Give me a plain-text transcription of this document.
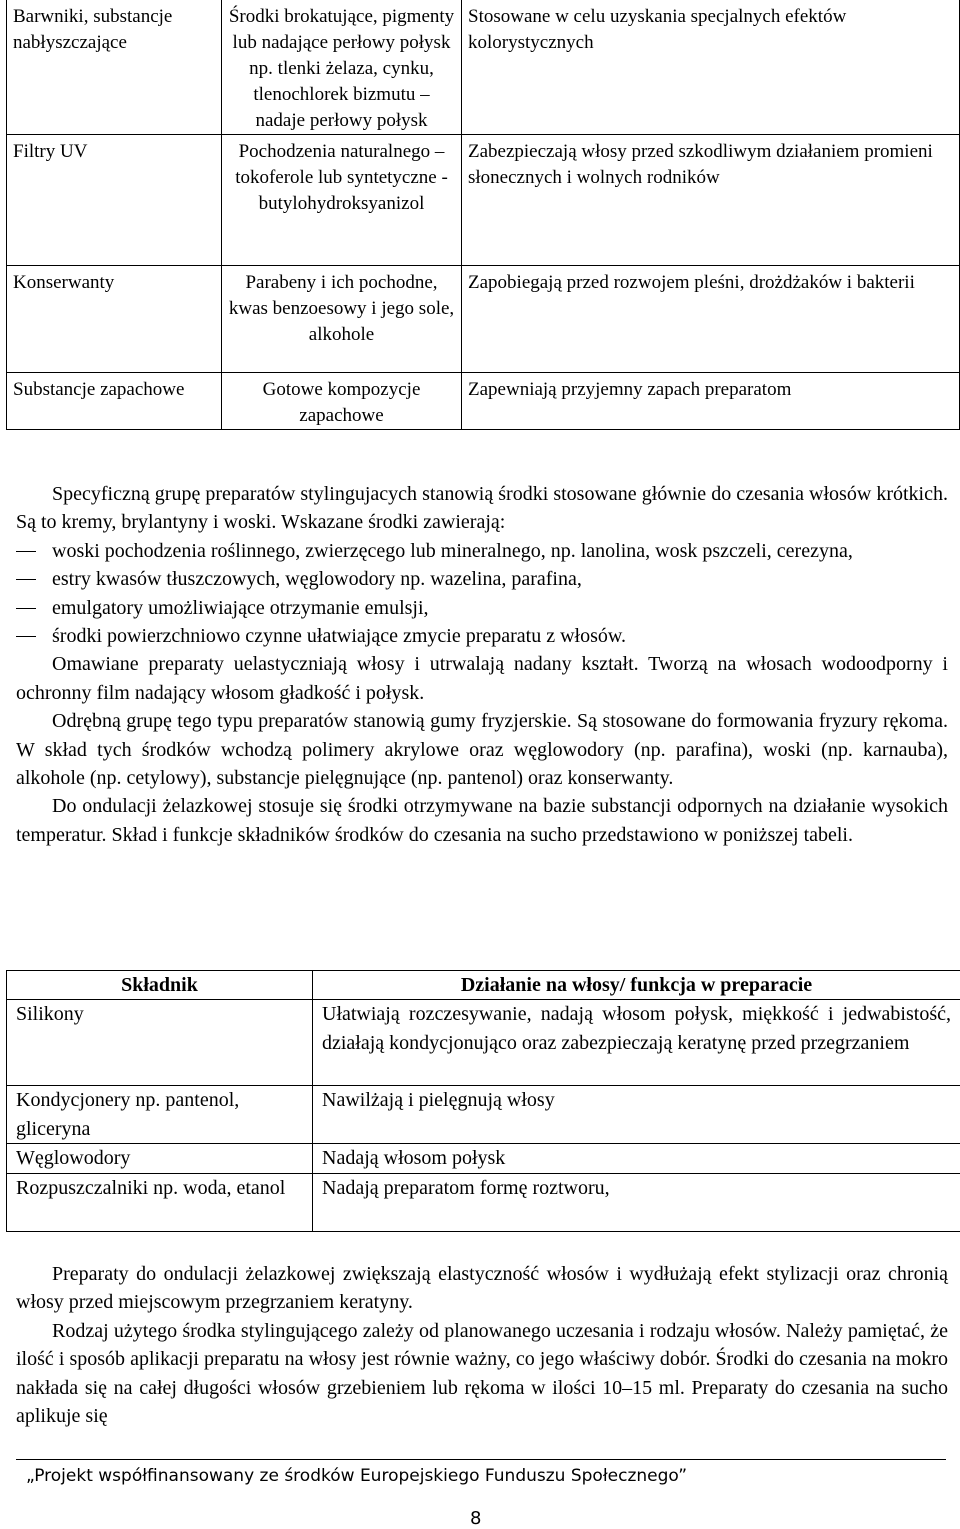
Barwniki, substancje nabłyszczające	Środki brokatujące, pigmenty lub nadające perłowy połysk np. tlenki żelaza, cynku, tlenochlorek bizmutu – nadaje perłowy połysk	Stosowane w celu uzyskania specjalnych efektów kolorystycznych
Filtry UV	Pochodzenia naturalnego – tokoferole lub syntetyczne - butylohydroksyanizol	Zabezpieczają włosy przed szkodliwym działaniem promieni słonecznych i wolnych rodników
Konserwanty	Parabeny i ich pochodne, kwas benzoesowy i jego sole, alkohole	Zapobiegają przed rozwojem pleśni, drożdżaków i bakterii
Substancje zapachowe	Gotowe kompozycje zapachowe	Zapewniają przyjemny zapach preparatom

Specyficzną grupę preparatów stylingujacych stanowią środki stosowane głównie do czesania włosów krótkich. Są to kremy, brylantyny i woski. Wskazane środki zawierają:

woski pochodzenia roślinnego, zwierzęcego lub mineralnego, np. lanolina, wosk pszczeli, cerezyna,
estry kwasów tłuszczowych, węglowodory np. wazelina, parafina,
emulgatory umożliwiające otrzymanie emulsji,
środki powierzchniowo czynne ułatwiające zmycie preparatu z włosów.

Omawiane preparaty uelastyczniają włosy i utrwalają nadany kształt. Tworzą na włosach wodoodporny i ochronny film nadający włosom gładkość i połysk.

Odrębną grupę tego typu preparatów stanowią gumy fryzjerskie. Są stosowane do formowania fryzury rękoma. W skład tych środków wchodzą polimery akrylowe oraz węglowodory (np. parafina), woski (np. karnauba), alkohole (np. cetylowy), substancje pielęgnujące (np. pantenol) oraz konserwanty.

Do ondulacji żelazkowej stosuje się środki otrzymywane na bazie substancji odpornych na działanie wysokich temperatur. Skład i funkcje składników środków do czesania na sucho przedstawiono w poniższej tabeli.

Składnik	Działanie na włosy/ funkcja w preparacie
Silikony	Ułatwiają rozczesywanie, nadają włosom połysk, miękkość i jedwabistość, działają kondycjonująco oraz zabezpieczają keratynę przed przegrzaniem
Kondycjonery np. pantenol, gliceryna	Nawilżają i pielęgnują włosy
Węglowodory	Nadają włosom połysk
Rozpuszczalniki np. woda, etanol	Nadają preparatom formę roztworu,

Preparaty do ondulacji żelazkowej zwiększają elastyczność włosów i wydłużają efekt stylizacji oraz chronią włosy przed miejscowym przegrzaniem keratyny.

Rodzaj użytego środka stylingującego zależy od planowanego uczesania i rodzaju włosów. Należy pamiętać, że ilość i sposób aplikacji preparatu na włosy jest równie ważny, co jego właściwy dobór. Środki do czesania na mokro nakłada się na całej długości włosów grzebieniem lub rękoma w ilości 10–15 ml. Preparaty do czesania na sucho aplikuje się

„Projekt współfinansowany ze środków Europejskiego Funduszu Społecznego”
8
